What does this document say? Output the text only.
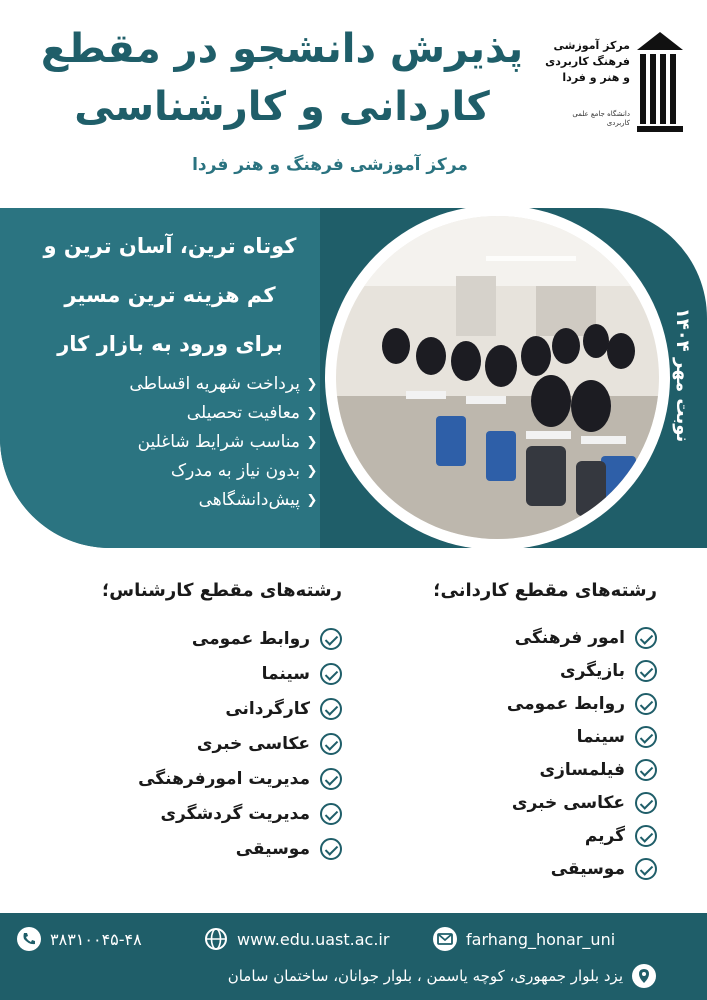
پذیرش دانشجو در مقطع
کاردانی و کارشناسی
مرکز آموزشی فرهنگ و هنر فردا
مرکز آموزشی
فرهنگ کاربردی
و هنر و فردا
دانشگاه جامع علمی کاربردی
کوتاه ترین، آسان ترین و
کم هزینه ترین مسیر
برای ورود به بازار کار
❮
پرداخت شهریه اقساطی
❮
معافیت تحصیلی
❮
مناسب شرایط شاغلین
❮
بدون نیاز به مدرک
❮
پیش‌دانشگاهی
نوبت مهر ۱۴۰۴
رشته‌های مقطع کاردانی؛
امور فرهنگی
بازیگری
روابط عمومی
سینما
فیلمسازی
عکاسی خبری
گریم
موسیقی
رشته‌های مقطع کارشناس؛
روابط عمومی
سینما
کارگردانی
عکاسی خبری
مدیریت امورفرهنگی
مدیریت گردشگری
موسیقی
۳۸۳۱۰۰۴۵-۴۸	www.edu.uast.ac.ir	farhang_honar_uni
یزد بلوار جمهوری، کوچه یاسمن ، بلوار جوانان، ساختمان سامان
